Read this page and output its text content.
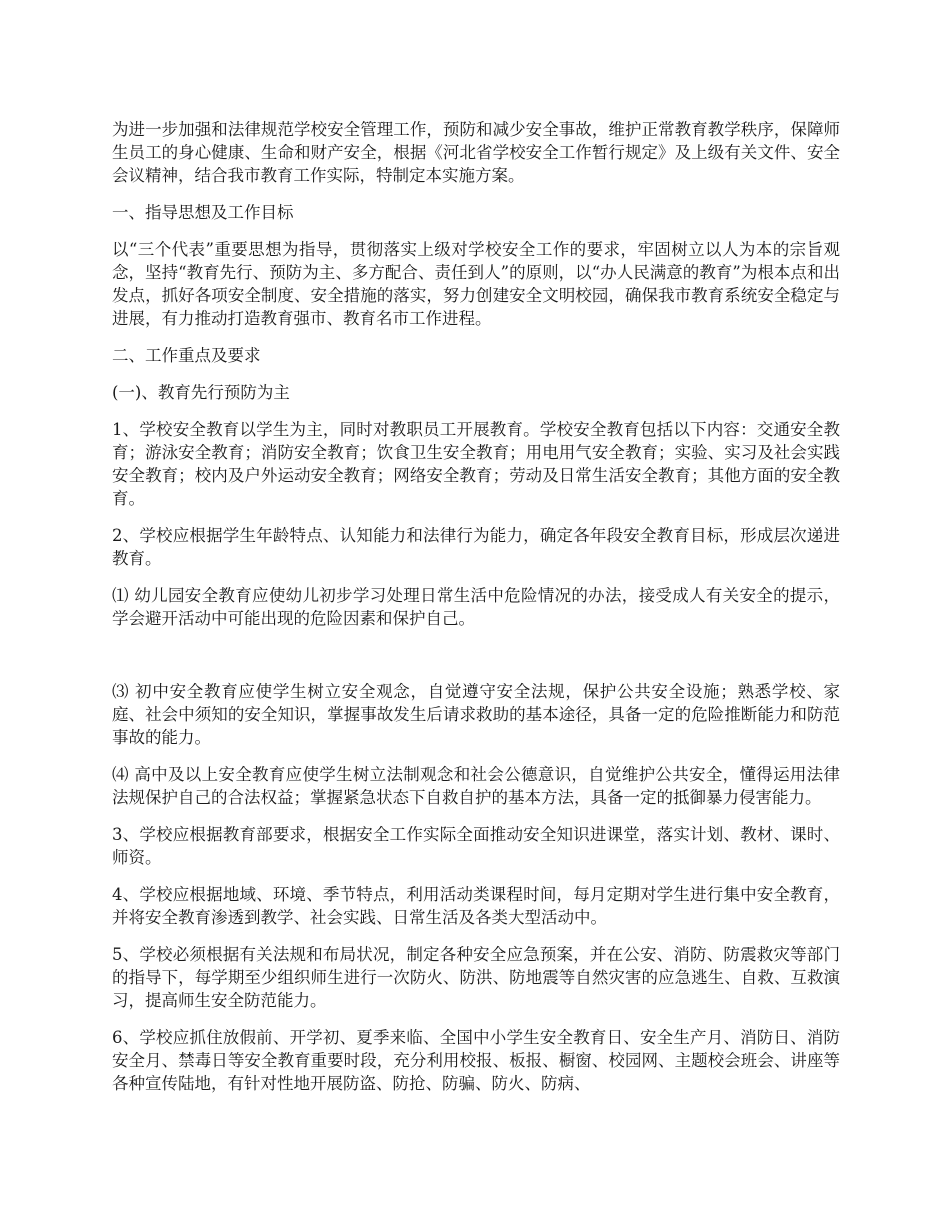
为进一步加强和法律规范学校安全管理工作，预防和减少安全事故，维护正常教育教学秩序，保障师生员工的身心健康、生命和财产安全，根据《河北省学校安全工作暂行规定》及上级有关文件、安全会议精神，结合我市教育工作实际，特制定本实施方案。

一、指导思想及工作目标

以“三个代表”重要思想为指导，贯彻落实上级对学校安全工作的要求，牢固树立以人为本的宗旨观念，坚持“教育先行、预防为主、多方配合、责任到人”的原则，以“办人民满意的教育”为根本点和出发点，抓好各项安全制度、安全措施的落实，努力创建安全文明校园，确保我市教育系统安全稳定与进展，有力推动打造教育强市、教育名市工作进程。

二、工作重点及要求

(一)、教育先行预防为主

1、学校安全教育以学生为主，同时对教职员工开展教育。学校安全教育包括以下内容：交通安全教育；游泳安全教育；消防安全教育；饮食卫生安全教育；用电用气安全教育；实验、实习及社会实践安全教育；校内及户外运动安全教育；网络安全教育；劳动及日常生活安全教育；其他方面的安全教育。

2、学校应根据学生年龄特点、认知能力和法律行为能力，确定各年段安全教育目标，形成层次递进教育。

⑴ 幼儿园安全教育应使幼儿初步学习处理日常生活中危险情况的办法，接受成人有关安全的提示，学会避开活动中可能出现的危险因素和保护自己。

⑶ 初中安全教育应使学生树立安全观念，自觉遵守安全法规，保护公共安全设施；熟悉学校、家庭、社会中须知的安全知识，掌握事故发生后请求救助的基本途径，具备一定的危险推断能力和防范事故的能力。

⑷ 高中及以上安全教育应使学生树立法制观念和社会公德意识，自觉维护公共安全，懂得运用法律法规保护自己的合法权益；掌握紧急状态下自救自护的基本方法，具备一定的抵御暴力侵害能力。

3、学校应根据教育部要求，根据安全工作实际全面推动安全知识进课堂，落实计划、教材、课时、师资。

4、学校应根据地域、环境、季节特点，利用活动类课程时间，每月定期对学生进行集中安全教育，并将安全教育渗透到教学、社会实践、日常生活及各类大型活动中。

5、学校必须根据有关法规和布局状况，制定各种安全应急预案，并在公安、消防、防震救灾等部门的指导下，每学期至少组织师生进行一次防火、防洪、防地震等自然灾害的应急逃生、自救、互救演习，提高师生安全防范能力。

6、学校应抓住放假前、开学初、夏季来临、全国中小学生安全教育日、安全生产月、消防日、消防安全月、禁毒日等安全教育重要时段，充分利用校报、板报、橱窗、校园网、主题校会班会、讲座等各种宣传陆地，有针对性地开展防盗、防抢、防骗、防火、防病、
